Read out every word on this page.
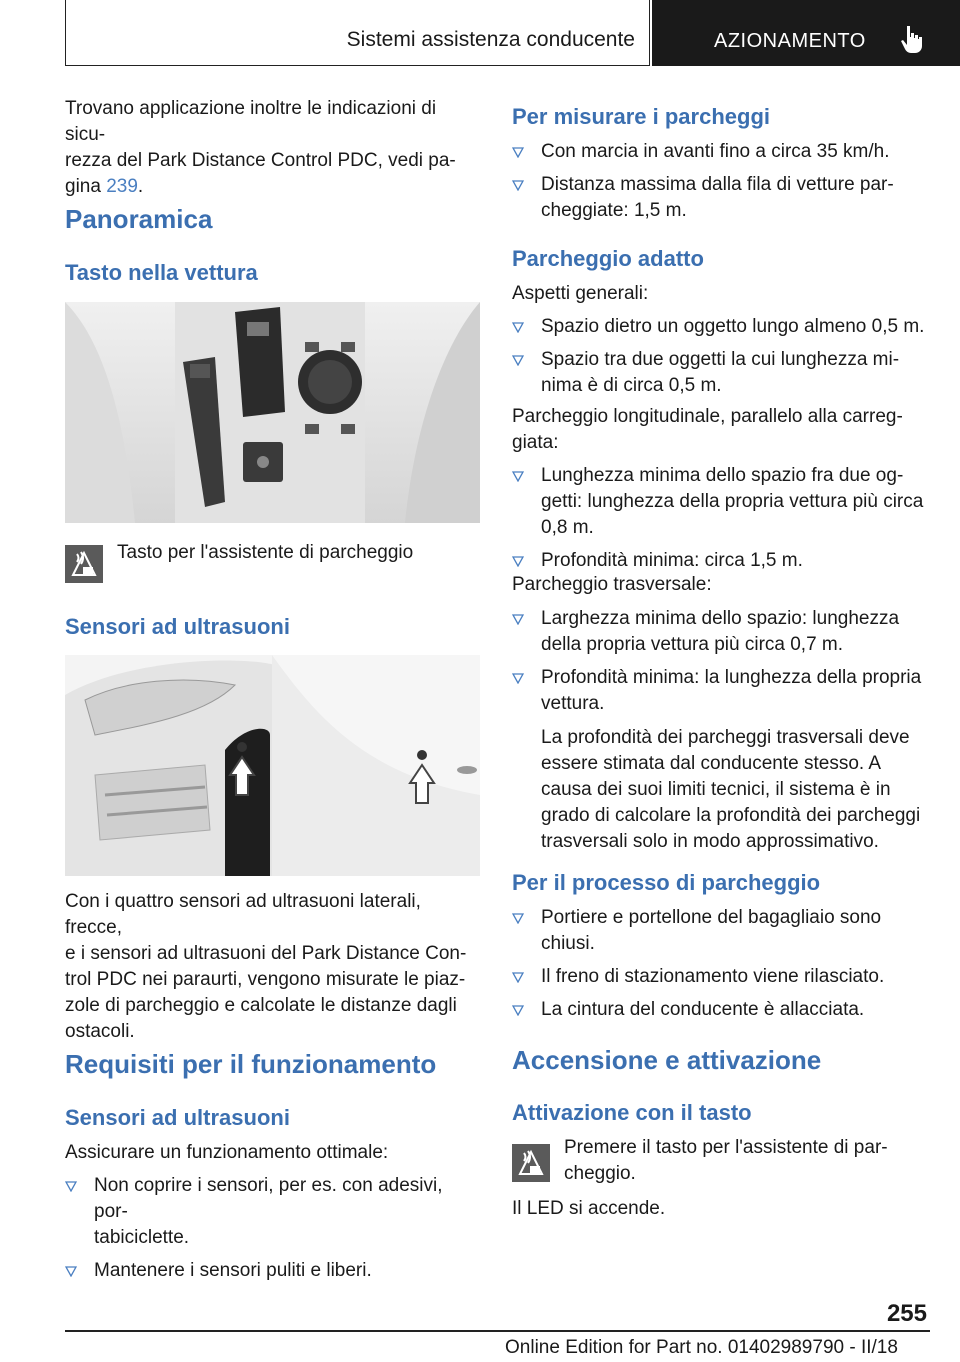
Sistemi assistenza conducente	AZIONAMENTO

Trovano applicazione inoltre le indicazioni di sicu-

rezza del Park Distance Control PDC, vedi pa-

gina 239.

Panoramica
Tasto nella vettura

Tasto per l'assistente di parcheggio

Sensori ad ultrasuoni

Con i quattro sensori ad ultrasuoni laterali, frecce,

e i sensori ad ultrasuoni del Park Distance Con-

trol PDC nei paraurti, vengono misurate le piaz-

zole di parcheggio e calcolate le distanze dagli

ostacoli.

Requisiti per il funzionamento
Sensori ad ultrasuoni

Assicurare un funzionamento ottimale:

Non coprire i sensori, per es. con adesivi, por-
tabiciclette.
Mantenere i sensori puliti e liberi.
Per misurare i parcheggi
Con marcia in avanti fino a circa 35 km/h.
Distanza massima dalla fila di vetture par-
cheggiate: 1,5 m.
Parcheggio adatto

Aspetti generali:

Spazio dietro un oggetto lungo almeno 0,5 m.
Spazio tra due oggetti la cui lunghezza mi-
nima è di circa 0,5 m.

Parcheggio longitudinale, parallelo alla carreg-

giata:

Lunghezza minima dello spazio fra due og-
getti: lunghezza della propria vettura più circa
0,8 m.
Profondità minima: circa 1,5 m.

Parcheggio trasversale:

Larghezza minima dello spazio: lunghezza
della propria vettura più circa 0,7 m.
Profondità minima: la lunghezza della propria
vettura.
La profondità dei parcheggi trasversali deve
essere stimata dal conducente stesso. A
causa dei suoi limiti tecnici, il sistema è in
grado di calcolare la profondità dei parcheggi
trasversali solo in modo approssimativo.
Per il processo di parcheggio
Portiere e portellone del bagagliaio sono
chiusi.
Il freno di stazionamento viene rilasciato.
La cintura del conducente è allacciata.
Accensione e attivazione
Attivazione con il tasto

Premere il tasto per l'assistente di par-

cheggio.

Il LED si accende.

255
Online Edition for Part no. 01402989790 - II/18
